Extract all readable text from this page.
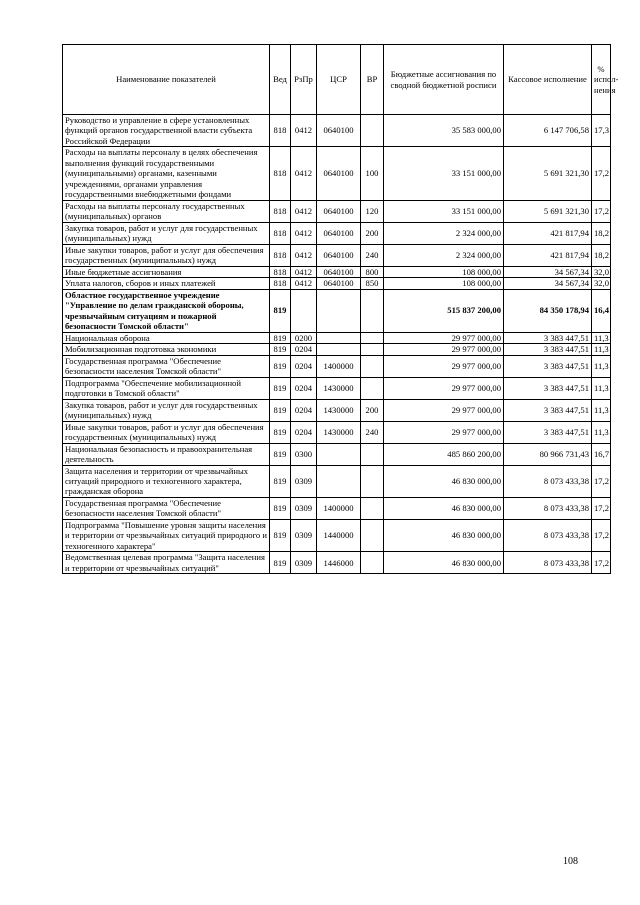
Наименование показателей	Вед	РзПр	ЦСР	ВР	Бюджетные ассигнования по сводной бюджетной росписи	Кассовое исполнение	% испол-нения
Руководство и управление в сфере установленных функций органов государственной власти субъекта Российской Федерации	818	0412	0640100		35 583 000,00	6 147 706,58	17,3
Расходы на выплаты персоналу в целях обеспечения выполнения функций государственными (муниципальными) органами, казенными учреждениями, органами управления государственными внебюджетными фондами	818	0412	0640100	100	33 151 000,00	5 691 321,30	17,2
Расходы на выплаты персоналу государственных (муниципальных) органов	818	0412	0640100	120	33 151 000,00	5 691 321,30	17,2
Закупка товаров, работ и услуг для государственных (муниципальных) нужд	818	0412	0640100	200	2 324 000,00	421 817,94	18,2
Иные закупки товаров, работ и услуг для обеспечения государственных (муниципальных) нужд	818	0412	0640100	240	2 324 000,00	421 817,94	18,2
Иные бюджетные ассигнования	818	0412	0640100	800	108 000,00	34 567,34	32,0
Уплата налогов, сборов и иных платежей	818	0412	0640100	850	108 000,00	34 567,34	32,0
Областное государственное учреждение "Управление по делам гражданской обороны, чрезвычайным ситуациям и пожарной безопасности Томской области"	819				515 837 200,00	84 350 178,94	16,4
Национальная оборона	819	0200			29 977 000,00	3 383 447,51	11,3
Мобилизационная подготовка экономики	819	0204			29 977 000,00	3 383 447,51	11,3
Государственная программа "Обеспечение безопасности населения Томской области"	819	0204	1400000		29 977 000,00	3 383 447,51	11,3
Подпрограмма "Обеспечение мобилизационной подготовки в Томской области"	819	0204	1430000		29 977 000,00	3 383 447,51	11,3
Закупка товаров, работ и услуг для государственных (муниципальных) нужд	819	0204	1430000	200	29 977 000,00	3 383 447,51	11,3
Иные закупки товаров, работ и услуг для обеспечения государственных (муниципальных) нужд	819	0204	1430000	240	29 977 000,00	3 383 447,51	11,3
Национальная безопасность и правоохранительная деятельность	819	0300			485 860 200,00	80 966 731,43	16,7
Защита населения и территории от чрезвычайных ситуаций природного и техногенного характера, гражданская оборона	819	0309			46 830 000,00	8 073 433,38	17,2
Государственная программа "Обеспечение безопасности населения Томской области"	819	0309	1400000		46 830 000,00	8 073 433,38	17,2
Подпрограмма "Повышение уровня защиты населения и территории от чрезвычайных ситуаций природного и техногенного характера"	819	0309	1440000		46 830 000,00	8 073 433,38	17,2
Ведомственная целевая программа "Защита населения и территории от чрезвычайных ситуаций"	819	0309	1446000		46 830 000,00	8 073 433,38	17,2
108
